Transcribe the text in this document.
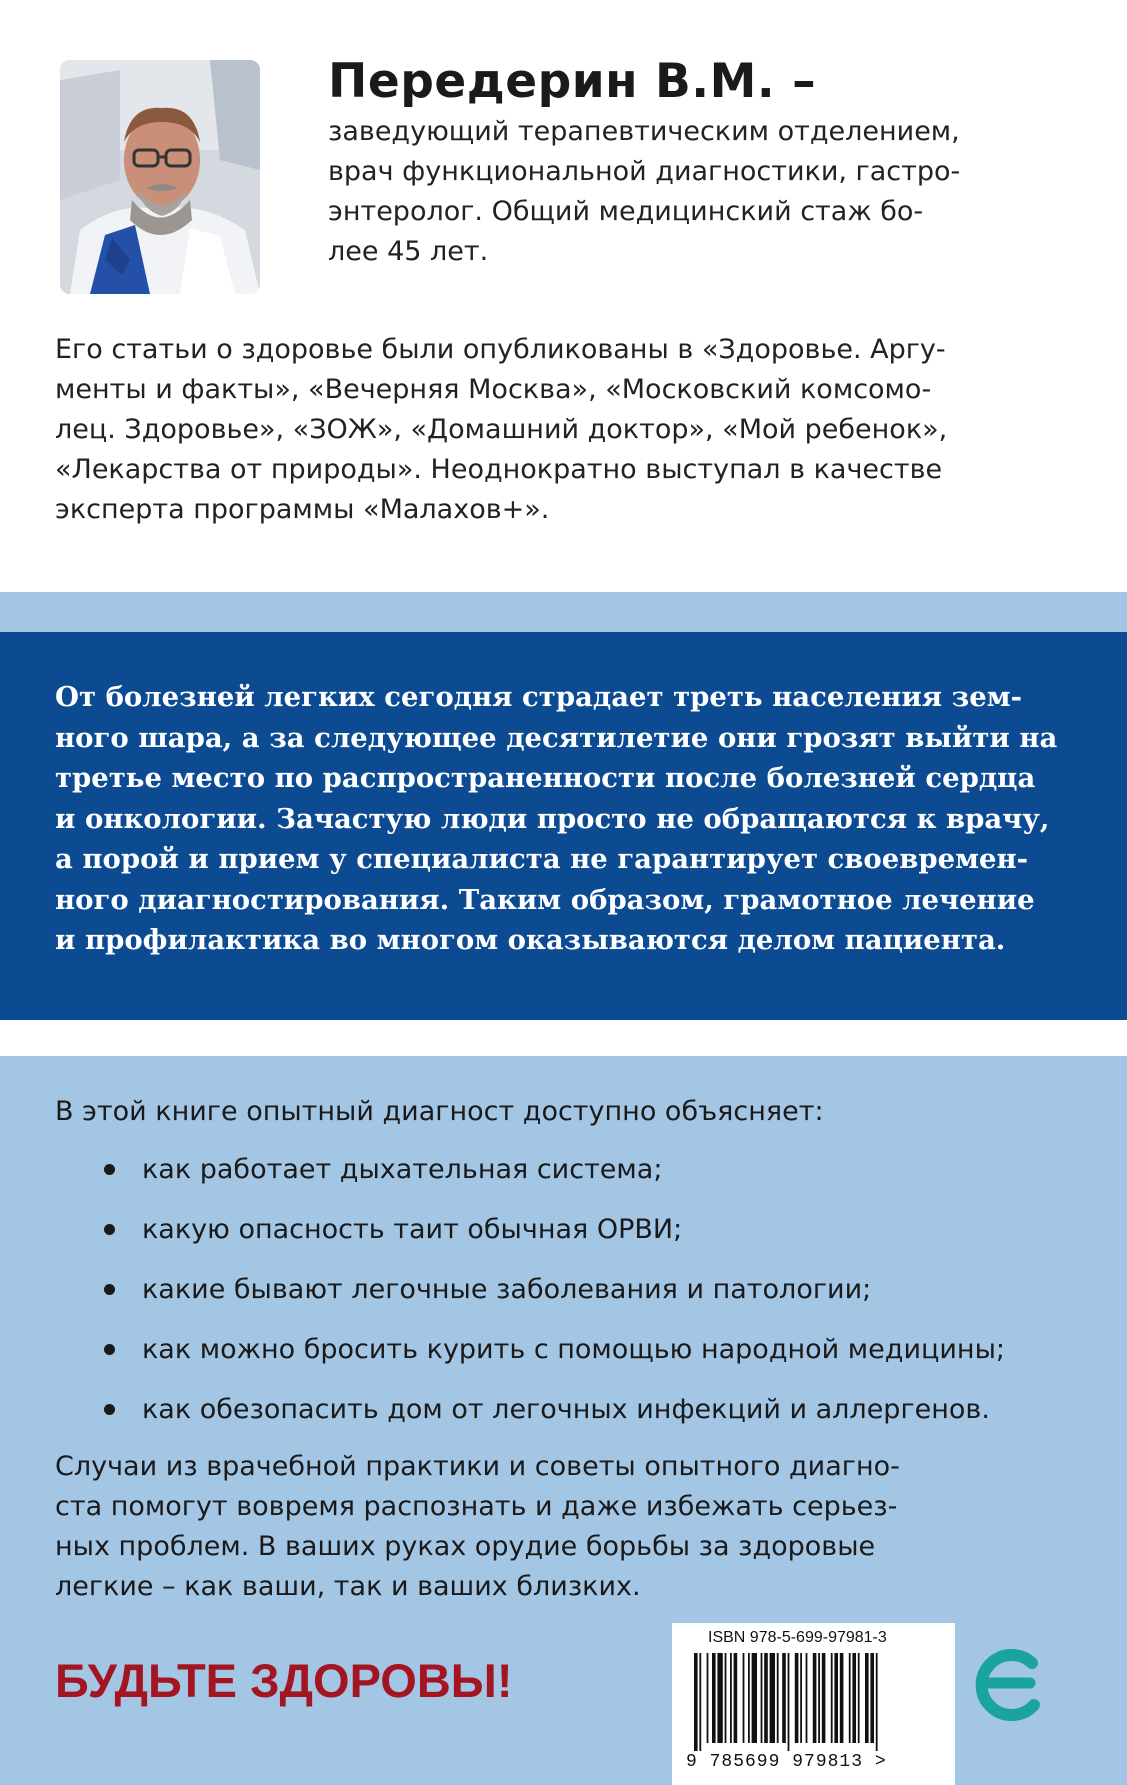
Передерин В.М. –
заведующий терапевтическим отделением,
врач функциональной диагностики, гастро-
энтеролог. Общий медицинский стаж бо-
лее 45 лет.
Его статьи о здоровье были опубликованы в «Здоровье. Аргу-
менты и факты», «Вечерняя Москва», «Московский комсомо-
лец. Здоровье», «ЗОЖ», «Домашний доктор», «Мой ребенок»,
«Лекарства от природы». Неоднократно выступал в качестве
эксперта программы «Малахов+».
От болезней легких сегодня страдает треть населения зем-
ного шара, а за следующее десятилетие они грозят выйти на
третье место по распространенности после болезней сердца
и онкологии. Зачастую люди просто не обращаются к врачу,
а порой и прием у специалиста не гарантирует своевремен-
ного диагностирования. Таким образом, грамотное лечение
и профилактика во многом оказываются делом пациента.

В этой книге опытный диагност доступно объясняет:

как работает дыхательная система;
какую опасность таит обычная ОРВИ;
какие бывают легочные заболевания и патологии;
как можно бросить курить с помощью народной медицины;
как обезопасить дом от легочных инфекций и аллергенов.
Случаи из врачебной практики и советы опытного диагно-
ста помогут вовремя распознать и даже избежать серьез-
ных проблем. В ваших руках орудие борьбы за здоровые
легкие – как ваши, так и ваших близких.

БУДЬТЕ ЗДОРОВЫ!

ISBN 978-5-699-97981-3

9 785699 979813 >
